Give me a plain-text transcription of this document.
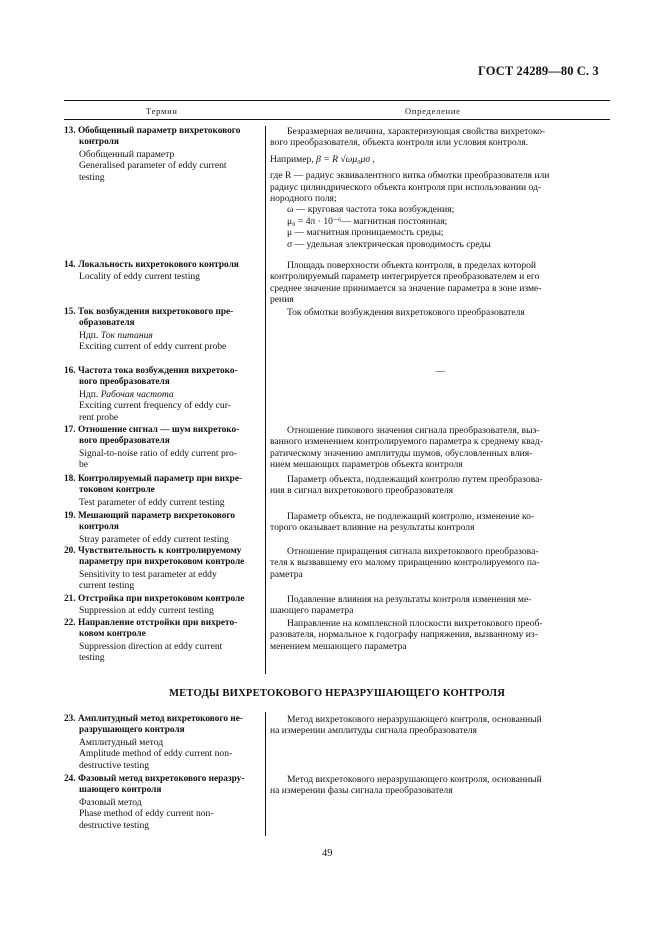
ГОСТ 24289—80 С. 3
Термин	Определение
13. Обобщенный параметр вихретокового
контроля
Обобщенный параметр
Generalised parameter of eddy current
testing
Безразмерная величина, характеризующая свойства вихретоко-
вого преобразователя, объекта контроля или условия контроля.
Например, β = R √ωμ₀μσ ,
где R — радиус эквивалентного витка обмотки преобразователя или
радиус цилиндрического объекта контроля при использовании од-
нородного поля;
ω — круговая частота тока возбуждения;
μ₀ = 4π · 10⁻⁶— магнитная постоянная;
μ — магнитная проницаемость среды;
σ — удельная электрическая проводимость среды
14. Локальность вихретокового контроля
Locality of eddy current testing
Площадь поверхности объекта контроля, в пределах которой
контролируемый параметр интегрируется преобразователем и его
среднее значение принимается за значение параметра в зоне изме-
рения
15. Ток возбуждения вихретокового пре-
образователя
Ндп. Ток питания
Exciting current of eddy current probe
Ток обмотки возбуждения вихретокового преобразователя
16. Частота тока возбуждения вихретоко-
вого преобразователя
Ндп. Рабочая частота
Exciting current frequency of eddy cur-
rent probe
—
17. Отношение сигнал — шум вихретоко-
вого преобразователя
Signal-to-noise ratio of eddy current pro-
be
Отношение пикового значения сигнала преобразователя, выз-
ванного изменением контролируемого параметра к среднему квад-
ратическому значению амплитуды шумов, обусловленных влия-
нием мешающих параметров объекта контроля
18. Контролируемый параметр при вихре-
токовом контроле
Test parameter of eddy current testing
Параметр объекта, подлежащий контролю путем преобразова-
ния в сигнал вихретокового преобразователя
19. Мешающий параметр вихретокового
контроля
Stray parameter of eddy current testing
Параметр объекта, не подлежащий контролю, изменение ко-
торого оказывает влияние на результаты контроля
20. Чувствительность к контролируемому
параметру при вихретоковом контроле
Sensitivity to test parameter at eddy
current testing
Отношение приращения сигнала вихретокового преобразова-
теля к вызвавшему его малому приращению контролируемого па-
раметра
21. Отстройка при вихретоковом контроле
Suppression at eddy current testing
Подавление влияния на результаты контроля изменения ме-
шающего параметра
22. Направление отстройки при вихрето-
ковом контроле
Suppression direction at eddy current
testing
Направление на комплексной плоскости вихретокового преоб-
разователя, нормальное к годографу напряжения, вызванному из-
менением мешающего параметра
МЕТОДЫ ВИХРЕТОКОВОГО НЕРАЗРУШАЮЩЕГО КОНТРОЛЯ
23. Амплитудный метод вихретокового не-
разрушающего контроля
Амплитудный метод
Amplitude method of eddy current non-
destructive testing
Метод вихретокового неразрушающего контроля, основанный
на измерении амплитуды сигнала преобразователя
24. Фазовый метод вихретокового неразру-
шающего контроля
Фазовый метод
Phase method of eddy current non-
destructive testing
Метод вихретокового неразрушающего контроля, основанный
на измерении фазы сигнала преобразователя
49
